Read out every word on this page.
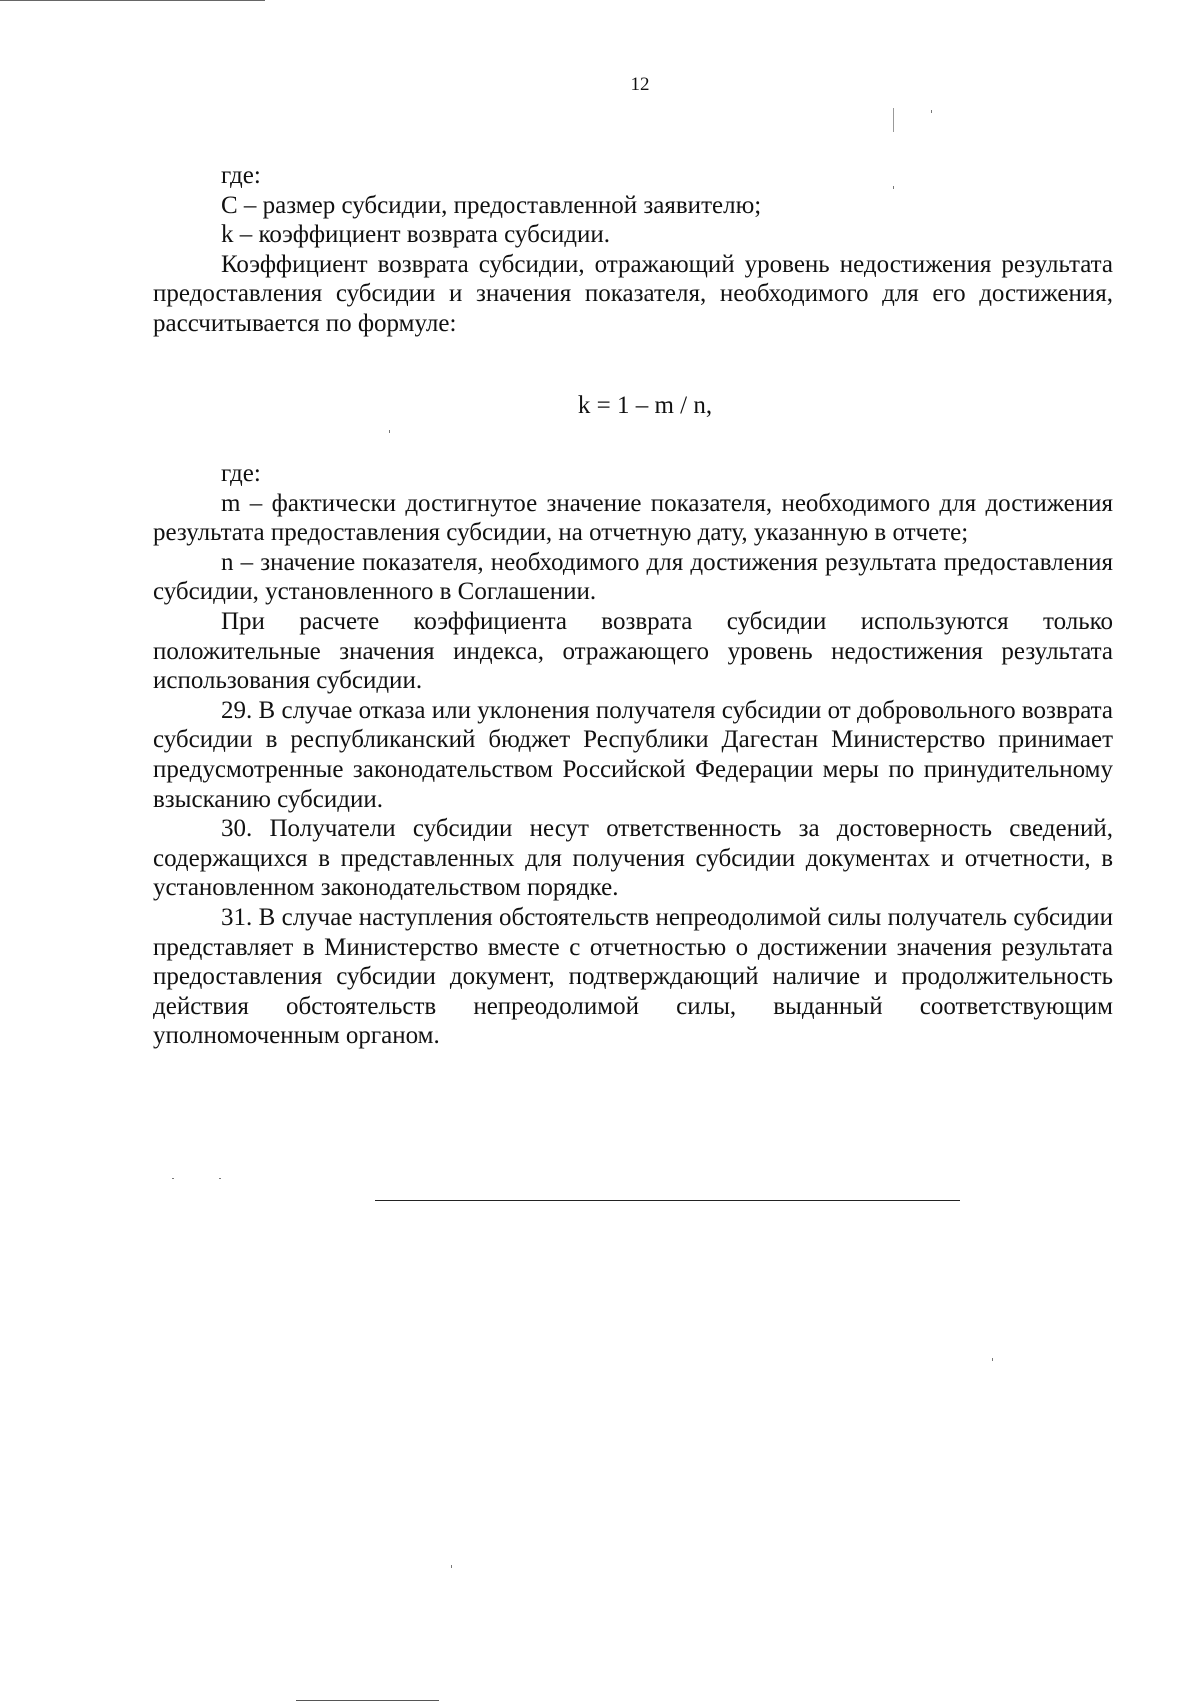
12

где:

С – размер субсидии, предоставленной заявителю;

k – коэффициент возврата субсидии.

Коэффициент возврата субсидии, отражающий уровень недостижения результата предоставления субсидии и значения показателя, необходимого для его достижения, рассчитывается по формуле:

k = 1 – m / n,

где:

m – фактически достигнутое значение показателя, необходимого для достижения результата предоставления субсидии, на отчетную дату, указанную в отчете;

n – значение показателя, необходимого для достижения результата предоставления субсидии, установленного в Соглашении.

При расчете коэффициента возврата субсидии используются только положительные значения индекса, отражающего уровень недостижения результата использования субсидии.

29. В случае отказа или уклонения получателя субсидии от добровольного возврата субсидии в республиканский бюджет Республики Дагестан Министерство принимает предусмотренные законодательством Российской Федерации меры по принудительному взысканию субсидии.

30. Получатели субсидии несут ответственность за достоверность сведений, содержащихся в представленных для получения субсидии документах и отчетности, в установленном законодательством порядке.

31. В случае наступления обстоятельств непреодолимой силы получатель субсидии представляет в Министерство вместе с отчетностью о достижении значения результата предоставления субсидии документ, подтверждающий наличие и продолжительность действия обстоятельств непреодолимой силы, выданный соответствующим уполномоченным органом.
